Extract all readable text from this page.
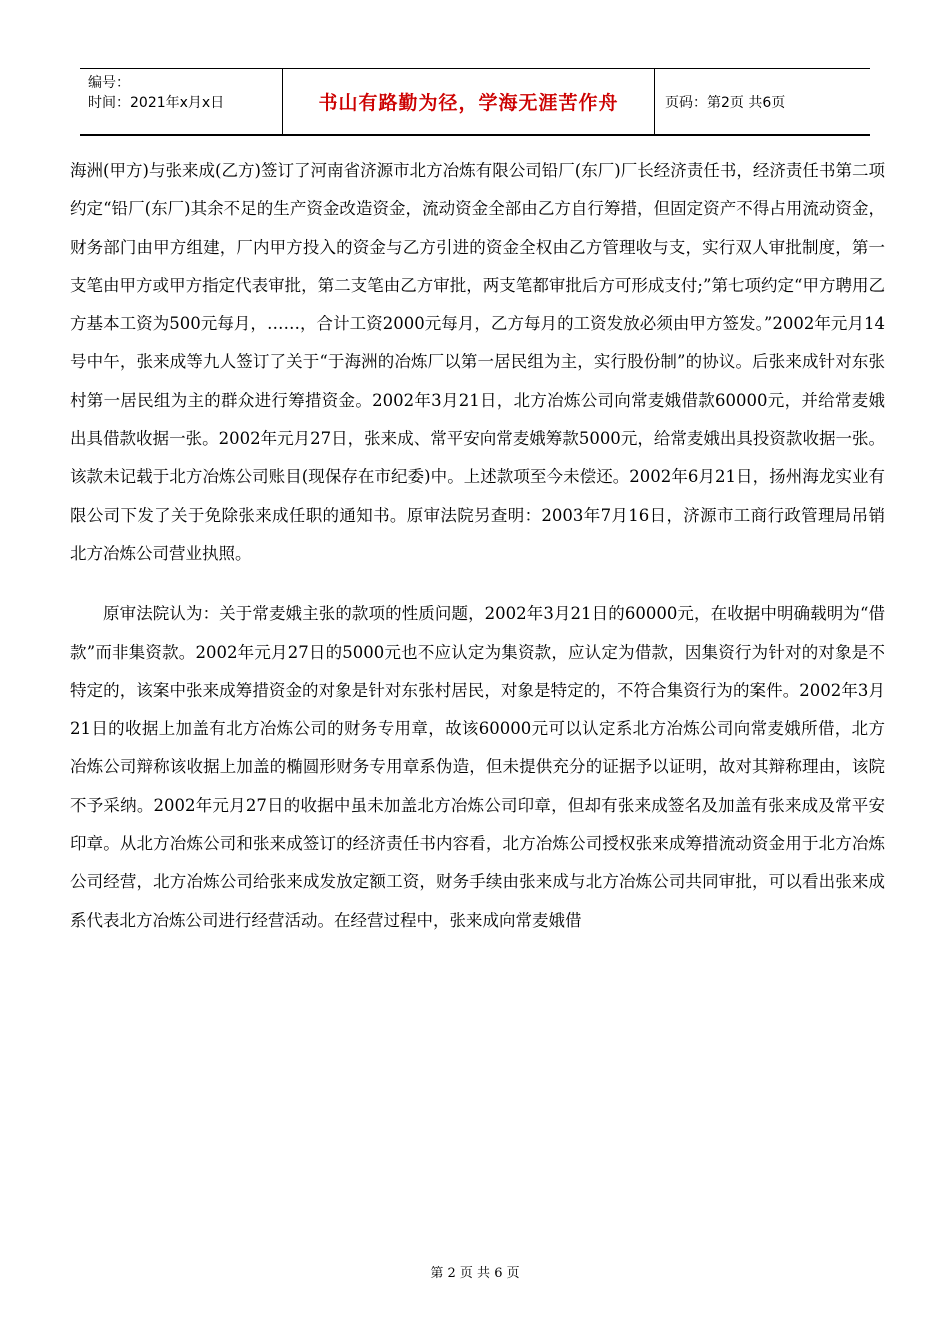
编号：
时间：2021年x月x日	书山有路勤为径，学海无涯苦作舟	页码：第2页 共6页

海洲(甲方)与张来成(乙方)签订了河南省济源市北方冶炼有限公司铅厂(东厂)厂长经济责任书，经济责任书第二项约定“铅厂(东厂)其余不足的生产资金改造资金，流动资金全部由乙方自行筹措，但固定资产不得占用流动资金，财务部门由甲方组建，厂内甲方投入的资金与乙方引进的资金全权由乙方管理收与支，实行双人审批制度，第一支笔由甲方或甲方指定代表审批，第二支笔由乙方审批，两支笔都审批后方可形成支付;”第七项约定“甲方聘用乙方基本工资为500元每月，……，合计工资2000元每月，乙方每月的工资发放必须由甲方签发。”2002年元月14号中午，张来成等九人签订了关于“于海洲的冶炼厂以第一居民组为主，实行股份制”的协议。后张来成针对东张村第一居民组为主的群众进行筹措资金。2002年3月21日，北方冶炼公司向常麦娥借款60000元，并给常麦娥出具借款收据一张。2002年元月27日，张来成、常平安向常麦娥筹款5000元，给常麦娥出具投资款收据一张。该款未记载于北方冶炼公司账目(现保存在市纪委)中。上述款项至今未偿还。2002年6月21日，扬州海龙实业有限公司下发了关于免除张来成任职的通知书。原审法院另查明：2003年7月16日，济源市工商行政管理局吊销北方冶炼公司营业执照。

原审法院认为：关于常麦娥主张的款项的性质问题，2002年3月21日的60000元，在收据中明确载明为“借款”而非集资款。2002年元月27日的5000元也不应认定为集资款，应认定为借款，因集资行为针对的对象是不特定的，该案中张来成筹措资金的对象是针对东张村居民，对象是特定的，不符合集资行为的案件。2002年3月21日的收据上加盖有北方冶炼公司的财务专用章，故该60000元可以认定系北方冶炼公司向常麦娥所借，北方冶炼公司辩称该收据上加盖的椭圆形财务专用章系伪造，但未提供充分的证据予以证明，故对其辩称理由，该院不予采纳。2002年元月27日的收据中虽未加盖北方冶炼公司印章，但却有张来成签名及加盖有张来成及常平安印章。从北方冶炼公司和张来成签订的经济责任书内容看，北方冶炼公司授权张来成筹措流动资金用于北方冶炼公司经营，北方冶炼公司给张来成发放定额工资，财务手续由张来成与北方冶炼公司共同审批，可以看出张来成系代表北方冶炼公司进行经营活动。在经营过程中，张来成向常麦娥借

第 2 页 共 6 页
